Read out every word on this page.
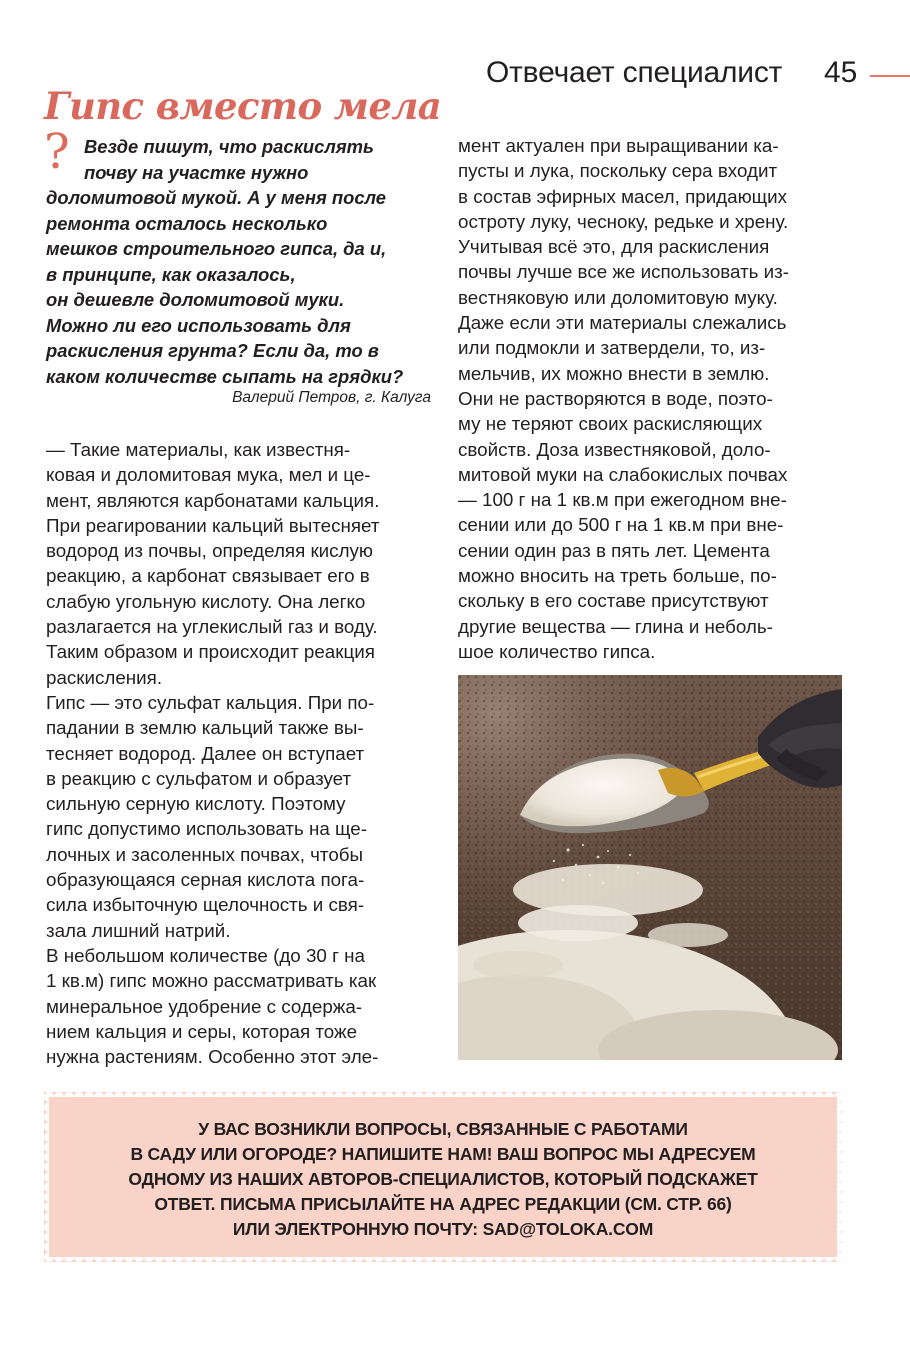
Отвечает специалист 45
Гипс вместо мела
? Везде пишут, что раскислять
почву на участке нужно
доломитовой мукой. А у меня после
ремонта осталось несколько
мешков строительного гипса, да и,
в принципе, как оказалось,
он дешевле доломитовой муки.
Можно ли его использовать для
раскисления грунта? Если да, то в
каком количестве сыпать на грядки?
Валерий Петров, г. Калуга
— Такие материалы, как известня-
ковая и доломитовая мука, мел и це-
мент, являются карбонатами кальция.
При реагировании кальций вытесняет
водород из почвы, определяя кислую
реакцию, а карбонат связывает его в
слабую угольную кислоту. Она легко
разлагается на углекислый газ и воду.
Таким образом и происходит реакция
раскисления.
Гипс — это сульфат кальция. При по-
падании в землю кальций также вы-
тесняет водород. Далее он вступает
в реакцию с сульфатом и образует
сильную серную кислоту. Поэтому
гипс допустимо использовать на ще-
лочных и засоленных почвах, чтобы
образующаяся серная кислота пога-
сила избыточную щелочность и свя-
зала лишний натрий.
В небольшом количестве (до 30 г на
1 кв.м) гипс можно рассматривать как
минеральное удобрение с содержа-
нием кальция и серы, которая тоже
нужна растениям. Особенно этот эле-
мент актуален при выращивании ка-
пусты и лука, поскольку сера входит
в состав эфирных масел, придающих
остроту луку, чесноку, редьке и хрену.
Учитывая всё это, для раскисления
почвы лучше все же использовать из-
вестняковую или доломитовую муку.
Даже если эти материалы слежались
или подмокли и затвердели, то, из-
мельчив, их можно внести в землю.
Они не растворяются в воде, поэто-
му не теряют своих раскисляющих
свойств. Доза известняковой, доло-
митовой муки на слабокислых почвах
— 100 г на 1 кв.м при ежегодном вне-
сении или до 500 г на 1 кв.м при вне-
сении один раз в пять лет. Цемента
можно вносить на треть больше, по-
скольку в его составе присутствуют
другие вещества — глина и неболь-
шое количество гипса.
У ВАС ВОЗНИКЛИ ВОПРОСЫ, СВЯЗАННЫЕ С РАБОТАМИ
В САДУ ИЛИ ОГОРОДЕ? НАПИШИТЕ НАМ! ВАШ ВОПРОС МЫ АДРЕСУЕМ
ОДНОМУ ИЗ НАШИХ АВТОРОВ-СПЕЦИАЛИСТОВ, КОТОРЫЙ ПОДСКАЖЕТ
ОТВЕТ. ПИСЬМА ПРИСЫЛАЙТЕ НА АДРЕС РЕДАКЦИИ (СМ. СТР. 66)
ИЛИ ЭЛЕКТРОННУЮ ПОЧТУ: SAD@TOLOKA.COM
